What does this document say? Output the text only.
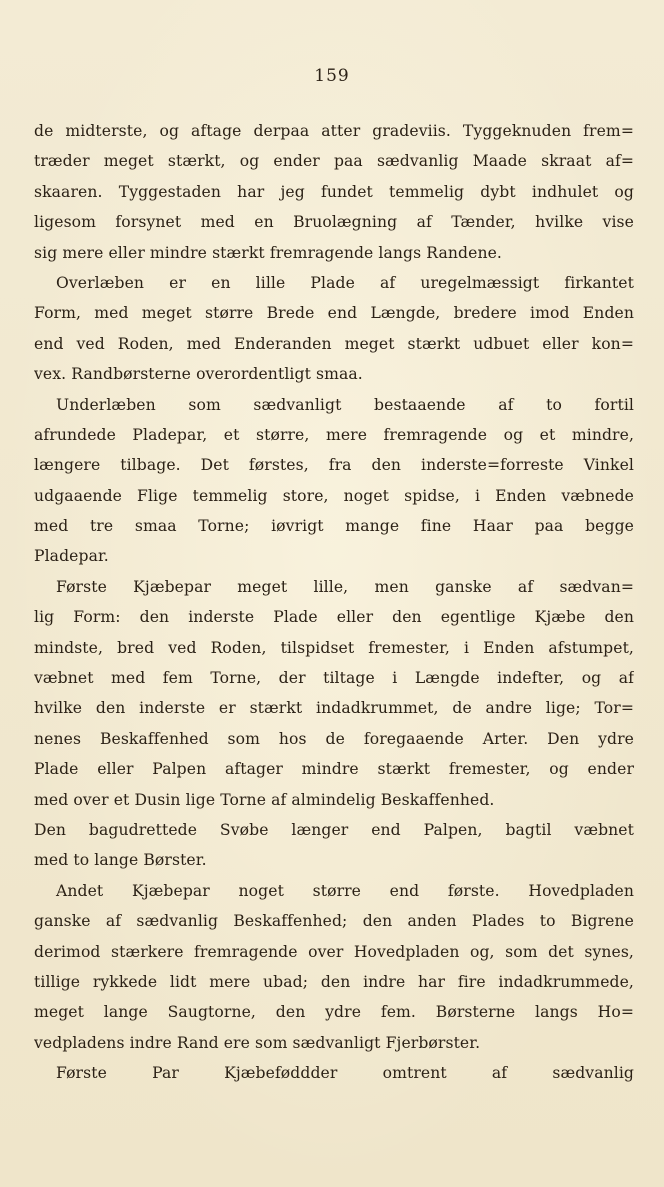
159
de midterste, og aftage derpaa atter gradeviis. Tyggeknuden frem=
træder meget stærkt, og ender paa sædvanlig Maade skraat af=
skaaren. Tyggestaden har jeg fundet temmelig dybt indhulet og
ligesom forsynet med en Bruolægning af Tænder, hvilke vise
sig mere eller mindre stærkt fremragende langs Randene.
Overlæben er en lille Plade af uregelmæssigt firkantet
Form, med meget større Brede end Længde, bredere imod Enden
end ved Roden, med Enderanden meget stærkt udbuet eller kon=
vex. Randbørsterne overordentligt smaa.
Underlæben som sædvanligt bestaaende af to fortil
afrundede Pladepar, et større, mere fremragende og et mindre,
længere tilbage. Det førstes, fra den inderste=forreste Vinkel
udgaaende Flige temmelig store, noget spidse, i Enden væbnede
med tre smaa Torne; iøvrigt mange fine Haar paa begge
Pladepar.
Første Kjæbepar meget lille, men ganske af sædvan=
lig Form: den inderste Plade eller den egentlige Kjæbe den
mindste, bred ved Roden, tilspidset fremester, i Enden afstumpet,
væbnet med fem Torne, der tiltage i Længde indefter, og af
hvilke den inderste er stærkt indadkrummet, de andre lige; Tor=
nenes Beskaffenhed som hos de foregaaende Arter. Den ydre
Plade eller Palpen aftager mindre stærkt fremester, og ender
med over et Dusin lige Torne af almindelig Beskaffenhed.
Den bagudrettede Svøbe længer end Palpen, bagtil væbnet
med to lange Børster.
Andet Kjæbepar noget større end første. Hovedpladen
ganske af sædvanlig Beskaffenhed; den anden Plades to Bigrene
derimod stærkere fremragende over Hovedpladen og, som det synes,
tillige rykkede lidt mere ubad; den indre har fire indadkrummede,
meget lange Saugtorne, den ydre fem. Børsterne langs Ho=
vedpladens indre Rand ere som sædvanligt Fjerbørster.
Første Par Kjæbeføddder omtrent af sædvanlig
